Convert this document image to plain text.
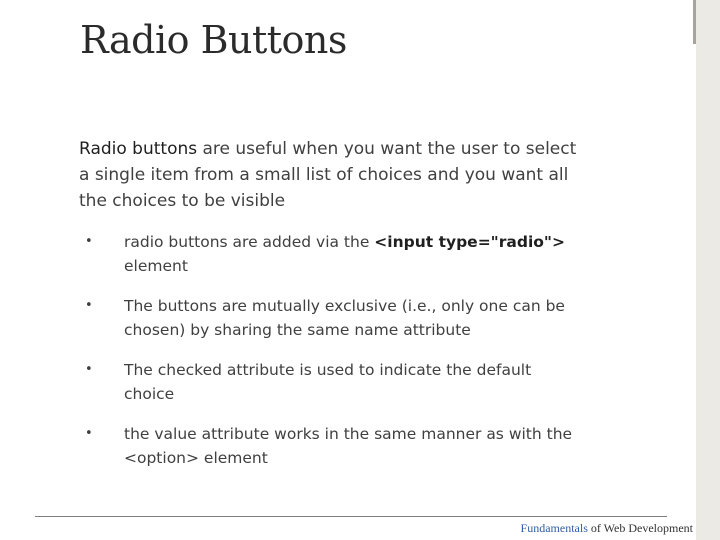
Radio Buttons
Radio buttons are useful when you want the user to select a single item from a small list of choices and you want all the choices to be visible
• radio buttons are added via the <input type="radio"> element
• The buttons are mutually exclusive (i.e., only one can be chosen) by sharing the same name attribute
• The checked attribute is used to indicate the default choice
• the value attribute works in the same manner as with the <option> element
Fundamentals of Web Development
